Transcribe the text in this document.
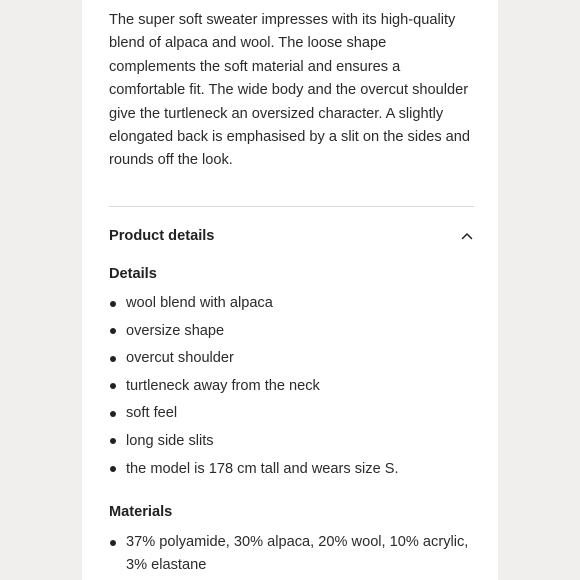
The super soft sweater impresses with its high-quality blend of alpaca and wool. The loose shape complements the soft material and ensures a comfortable fit. The wide body and the overcut shoulder give the turtleneck an oversized character. A slightly elongated back is emphasised by a slit on the sides and rounds off the look.

Product details
Details
wool blend with alpaca
oversize shape
overcut shoulder
turtleneck away from the neck
soft feel
long side slits
the model is 178 cm tall and wears size S.
Materials
37% polyamide, 30% alpaca, 20% wool, 10% acrylic, 3% elastane
